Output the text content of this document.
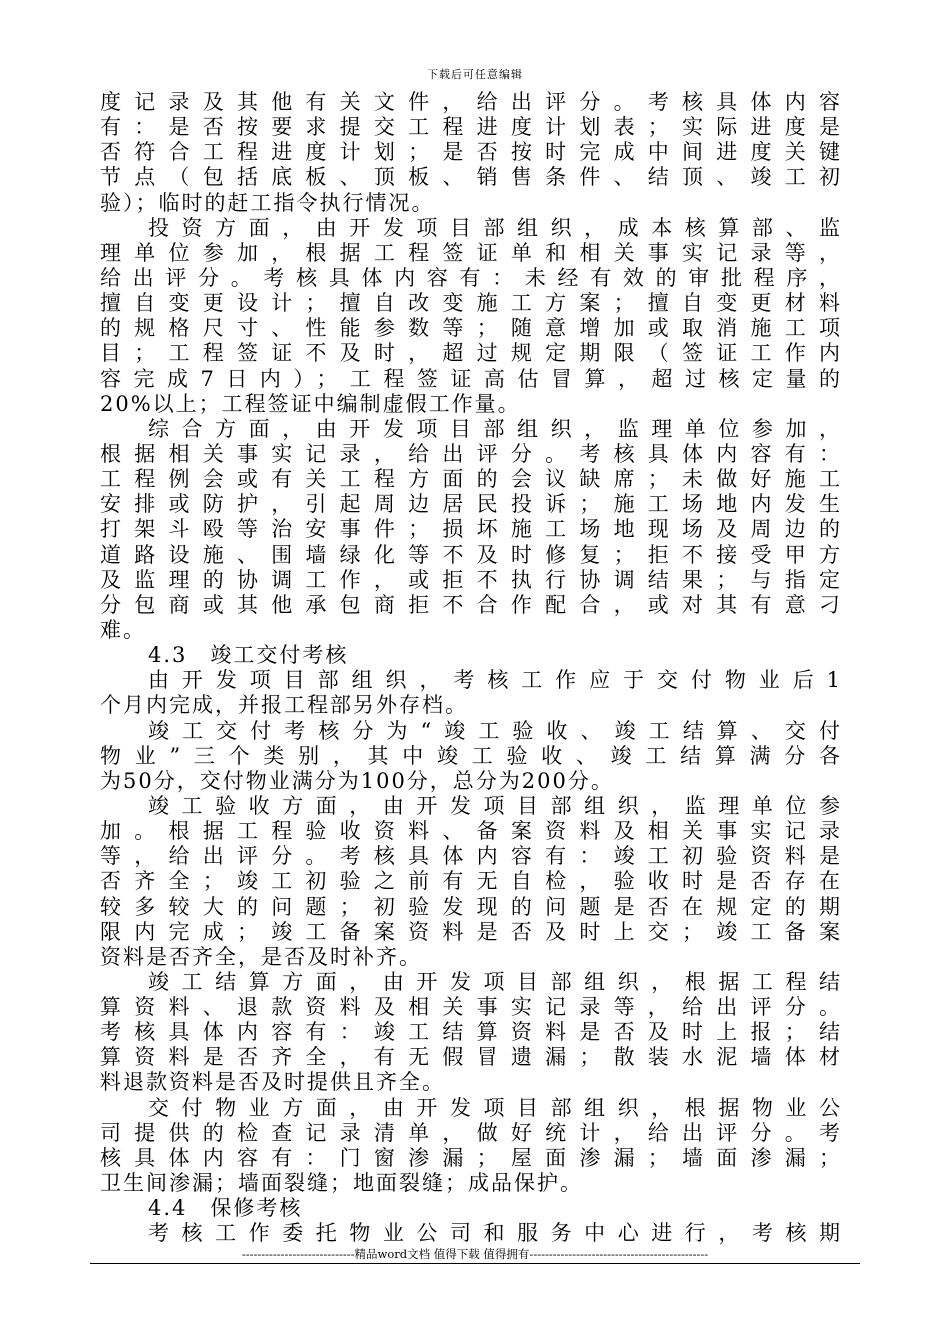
下载后可任意编辑
度记录及其他有关文件，给出评分。考核具体内容
有：是否按要求提交工程进度计划表；实际进度是
否符合工程进度计划；是否按时完成中间进度关键
节点（包括底板、顶板、销售条件、结顶、竣工初
验）；临时的赶工指令执行情况。
投资方面，由开发项目部组织，成本核算部、监
理单位参加，根据工程签证单和相关事实记录等，
给出评分。考核具体内容有：未经有效的审批程序，
擅自变更设计；擅自改变施工方案；擅自变更材料
的规格尺寸、性能参数等；随意增加或取消施工项
目；工程签证不及时，超过规定期限（签证工作内
容完成7日内）；工程签证高估冒算，超过核定量的
20%以上；工程签证中编制虚假工作量。
综合方面，由开发项目部组织，监理单位参加，
根据相关事实记录，给出评分。考核具体内容有：
工程例会或有关工程方面的会议缺席；未做好施工
安排或防护，引起周边居民投诉；施工场地内发生
打架斗殴等治安事件；损坏施工场地现场及周边的
道路设施、围墙绿化等不及时修复；拒不接受甲方
及监理的协调工作，或拒不执行协调结果；与指定
分包商或其他承包商拒不合作配合，或对其有意刁
难。
4.3　竣工交付考核
由开发项目部组织，考核工作应于交付物业后1
个月内完成，并报工程部另外存档。
竣工交付考核分为“竣工验收、竣工结算、交付
物业”三个类别，其中竣工验收、竣工结算满分各
为50分，交付物业满分为100分，总分为200分。
竣工验收方面，由开发项目部组织，监理单位参
加。根据工程验收资料、备案资料及相关事实记录
等，给出评分。考核具体内容有：竣工初验资料是
否齐全；竣工初验之前有无自检，验收时是否存在
较多较大的问题；初验发现的问题是否在规定的期
限内完成；竣工备案资料是否及时上交；竣工备案
资料是否齐全，是否及时补齐。
竣工结算方面，由开发项目部组织，根据工程结
算资料、退款资料及相关事实记录等，给出评分。
考核具体内容有：竣工结算资料是否及时上报；结
算资料是否齐全，有无假冒遗漏；散装水泥墙体材
料退款资料是否及时提供且齐全。
交付物业方面，由开发项目部组织，根据物业公
司提供的检查记录清单，做好统计，给出评分。考
核具体内容有：门窗渗漏；屋面渗漏；墙面渗漏；
卫生间渗漏；墙面裂缝；地面裂缝；成品保护。
4.4　保修考核
考核工作委托物业公司和服务中心进行，考核期
-----------------------------精品word文档 值得下载 值得拥有----------------------------------------------
